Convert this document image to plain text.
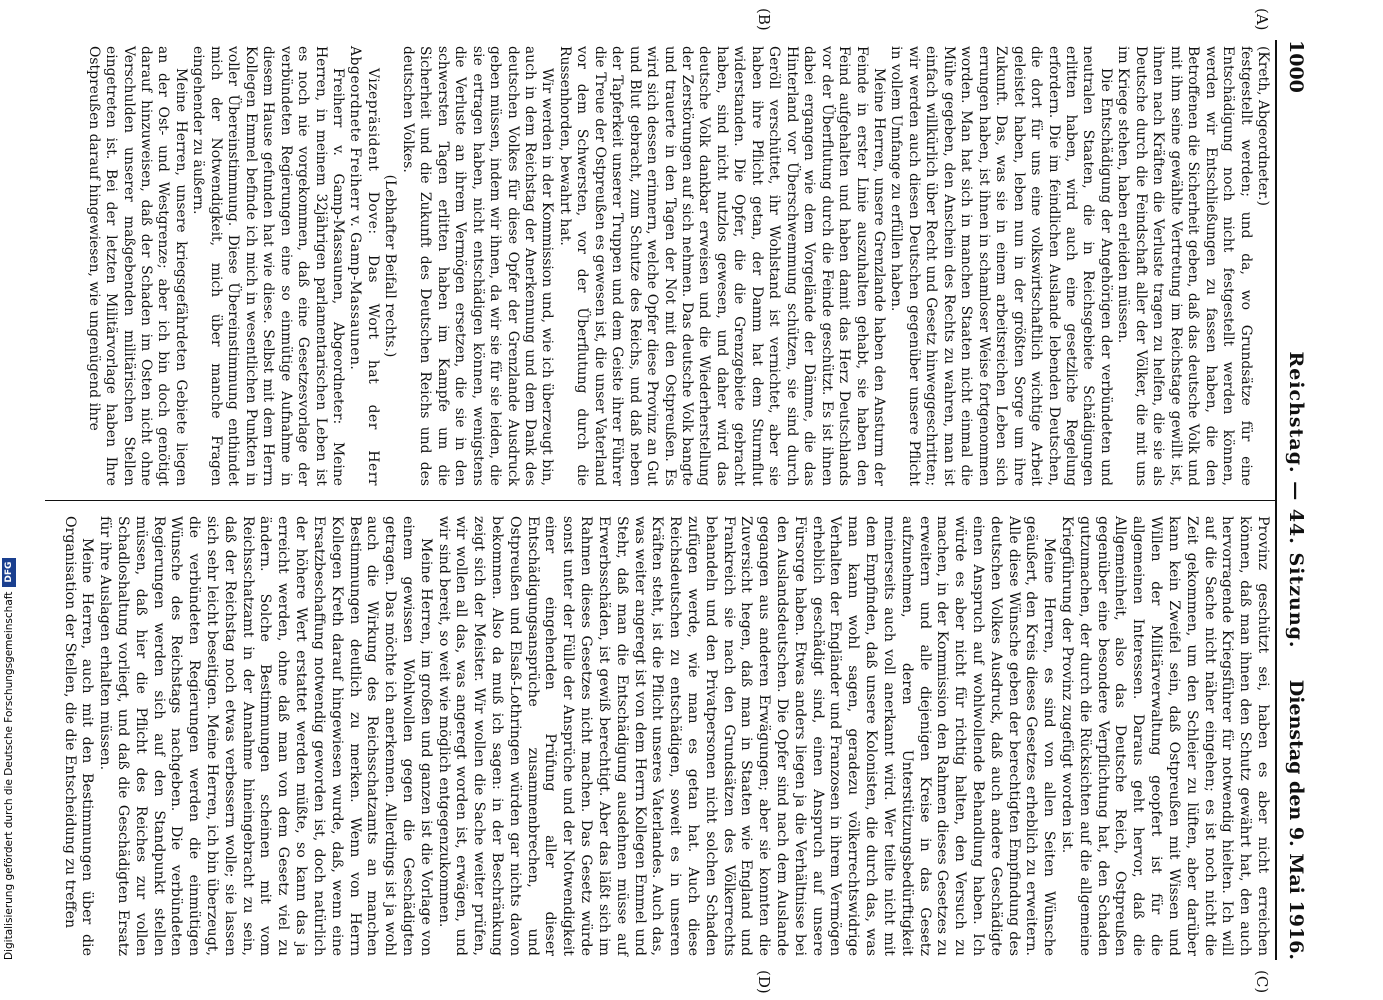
1000
Reichstag. — 44. Sitzung.
Dienstag den 9. Mai 1916.
(A)
(B)
(C)
(D)

(Kreth, Abgeordneter.)

festgestellt werden; und da, wo Grundsätze für eine Entschädigung noch nicht festgestellt werden können, werden wir Entschließungen zu fassen haben, die den Betroffenen die Sicherheit geben, daß das deutsche Volk und mit ihm seine gewählte Vertretung im Reichstage gewillt ist, ihnen nach Kräften die Verluste tragen zu helfen, die sie als Deutsche durch die Feindschaft aller der Völker, die mit uns im Kriege stehen, haben erleiden müssen.

Die Entschädigung der Angehörigen der verbündeten und neutralen Staaten, die in Reichsgebiete Schädigungen erlitten haben, wird auch eine gesetzliche Regelung erfordern. Die im feindlichen Auslande lebenden Deutschen, die dort für uns eine volkswirtschaftlich wichtige Arbeit geleistet haben, leben nun in der größten Sorge um ihre Zukunft. Das, was sie in einem arbeitsreichen Leben sich errungen haben, ist ihnen in schamloser Weise fortgenommen worden. Man hat sich in manchen Staaten nicht einmal die Mühe gegeben, den Anschein des Rechts zu wahren, man ist einfach willkürlich über Recht und Gesetz hinweggeschritten; wir werden auch diesen Deutschen gegenüber unsere Pflicht in vollem Umfange zu erfüllen haben.

Meine Herren, unsere Grenzlande haben den Ansturm der Feinde in erster Linie auszuhalten gehabt, sie haben den Feind aufgehalten und haben damit das Herz Deutschlands vor der Überflutung durch die Feinde geschützt. Es ist ihnen dabei ergangen wie dem Vorgelände der Dämme, die das Hinterland vor Überschwemmung schützen, sie sind durch Geröll verschüttet, ihr Wohlstand ist vernichtet, aber sie haben ihre Pflicht getan, der Damm hat dem Sturmflut widerstanden. Die Opfer, die die Grenzgebiete gebracht haben, sind nicht nutzlos gewesen, und daher wird das deutsche Volk dankbar erweisen und die Wiederherstellung der Zerstörungen auf sich nehmen. Das deutsche Volk bangte und trauerte in den Tagen der Not mit den Ostpreußen. Es wird sich dessen erinnern, welche Opfer diese Provinz an Gut und Blut gebracht, zum Schutze des Reichs, und daß neben der Tapferkeit unserer Truppen und dem Geiste ihrer Führer die Treue der Ostpreußen es gewesen ist, die unser Vaterland vor dem Schwersten, vor der Überflutung durch die Russenhorden, bewahrt hat.

Wir werden in der Kommission und, wie ich überzeugt bin, auch in dem Reichstag der Anerkennung und dem Dank des deutschen Volkes für diese Opfer der Grenzlande Ausdruck geben müssen, indem wir ihnen, da wir sie für sie leiden, die sie ertragen haben, nicht entschädigen können, wenigstens die Verluste an ihrem Vermögen ersetzen, die sie in den schwersten Tagen erlitten haben im Kampfe um die Sicherheit und die Zukunft des Deutschen Reichs und des deutschen Volkes.

(Lebhafter Beifall rechts.)

Vizepräsident Dove: Das Wort hat der Herr Abgeordnete Freiherr v. Gamp-Massaunen.

Freiherr v. Gamp-Massaunen, Abgeordneter: Meine Herren, in meinem 32jährigen parlamentarischen Leben ist es noch nie vorgekommen, daß eine Gesetzesvorlage der verbündeten Regierungen eine so einmütige Aufnahme in diesem Hause gefunden hat wie diese. Selbst mit dem Herrn Kollegen Emmel befinde ich mich in wesentlichen Punkten in voller Übereinstimmung. Diese Übereinstimmung enthindet mich der Notwendigkeit, mich über manche Fragen eingehender zu äußern.

Meine Herren, unsere kriegsgefährdeten Gebiete liegen an der Ost- und Westgrenze; aber ich bin doch genötigt darauf hinzuweisen, daß der Schaden im Osten nicht ohne Verschulden unserer maßgebenden militärischen Stellen eingetreten ist. Bei der letzten Militärvorlage haben Ihre Ostpreußen darauf hingewiesen, wie ungenügend ihre

Provinz geschützt sei, haben es aber nicht erreichen können, daß man ihnen den Schutz gewährt hat, den auch hervorragende Kriegsführer für notwendig hielten. Ich will auf die Sache nicht näher eingehen; es ist noch nicht die Zeit gekommen, um den Schleier zu lüften, aber darüber kann kein Zweifel sein, daß Ostpreußen mit Wissen und Willen der Militärverwaltung geopfert ist für die allgemeinen Interessen. Daraus geht hervor, daß die Allgemeinheit, also das Deutsche Reich, Ostpreußen gegenüber eine besondere Verpflichtung hat, den Schaden gutzumachen, der durch die Rücksichten auf die allgemeine Kriegführung der Provinz zugefügt worden ist.

Meine Herren, es sind von allen Seiten Wünsche geäußert, den Kreis dieses Gesetzes erheblich zu erweitern. Alle diese Wünsche geben der berechtigten Empfindung des deutschen Volkes Ausdruck, daß auch andere Geschädigte einen Anspruch auf wohlwollende Behandlung haben. Ich würde es aber nicht für richtig halten, den Versuch zu machen, in der Kommission den Rahmen dieses Gesetzes zu erweitern und alle diejenigen Kreise in das Gesetz aufzunehmen, deren Unterstützungsbedürftigkeit meinerseits auch voll anerkannt wird. Wer teilte nicht mit dem Empfinden, daß unsere Kolonisten, die durch das, was man kann wohl sagen, geradezu völkerrechtswidrige Verhalten der Engländer und Franzosen in ihrem Vermögen erheblich geschädigt sind, einen Anspruch auf unsere Fürsorge haben. Etwas anders liegen ja die Verhältnisse bei den Auslandsdeutschen. Die Opfer sind nach dem Auslande gegangen aus anderen Erwägungen; aber sie konnten die Zuversicht hegen, daß man in Staaten wie England und Frankreich sie nach den Grundsätzen des Völkerrechts behandeln und den Privatpersonen nicht solchen Schaden zufügen werde, wie man es getan hat. Auch diese Reichsdeutschen zu entschädigen, soweit es in unseren Kräften steht, ist die Pflicht unseres Vaterlandes. Auch das, was weiter angeregt ist von dem Herrn Kollegen Emmel und Stehr, daß man die Entschädigung ausdehnen müsse auf Erwerbsschäden, ist gewiß berechtigt. Aber das läßt sich im Rahmen dieses Gesetzes nicht machen. Das Gesetz würde sonst unter der Fülle der Ansprüche und der Notwendigkeit einer eingehenden Prüfung aller dieser Entschädigungsansprüche zusammenbrechen, und Ostpreußen und Elsaß-Lothringen würden gar nichts davon bekommen. Also da muß ich sagen: in der Beschränkung zeigt sich der Meister. Wir wollen die Sache weiter prüfen, wir wollen all das, was angeregt worden ist, erwägen, und wir sind bereit, so weit wie möglich entgegenzukommen.

Meine Herren, im großen und ganzen ist die Vorlage von einem gewissen Wohlwollen gegen die Geschädigten getragen. Das möchte ich anerkennen. Allerdings ist ja wohl auch die Wirkung des Reichsschatzamts an manchen Bestimmungen deutlich zu merken. Wenn von Herrn Kollegen Kreth darauf hingewiesen wurde, daß, wenn eine Ersatzbeschaffung notwendig geworden ist, doch natürlich der höhere Wert erstattet werden müßte, so kann das ja erreicht werden, ohne daß man von dem Gesetz viel zu ändern. Solche Bestimmungen scheinen mit vom Reichsschatzamt in der Annahme hineingebracht zu sein, daß der Reichstag noch etwas verbessern wolle; sie lassen sich sehr leicht beseitigen. Meine Herren, ich bin überzeugt, die verbündeten Regierungen werden die einmütigen Wünsche des Reichstags nachgeben. Die verbündeten Regierungen werden sich auf den Standpunkt stellen müssen, daß hier die Pflicht des Reiches zur vollen Schadloshaltung vorliegt, und daß die Geschädigten Ersatz für ihre Auslagen erhalten müssen.

Meine Herren, auch mit den Bestimmungen über die Organisation der Stellen, die die Entscheidung zu treffen

Digitalisierung gefördert durch die Deutsche ForschungsgemeinschaftDFG
